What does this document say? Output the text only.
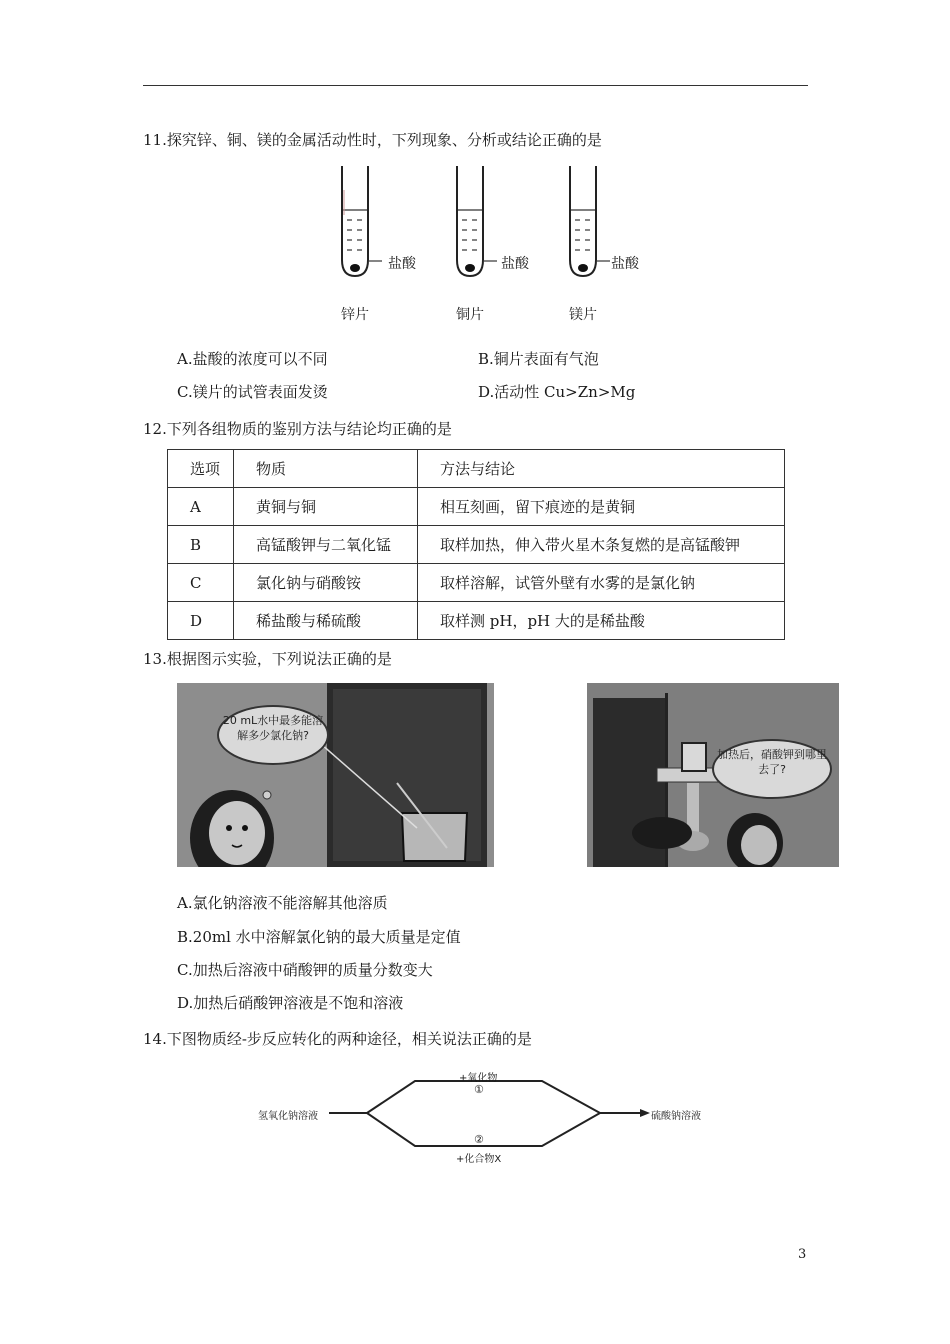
11.探究锌、铜、镁的金属活动性时，下列现象、分析或结论正确的是
盐酸	盐酸	盐酸
锌片	铜片	镁片
A.盐酸的浓度可以不同	B.铜片表面有气泡
C.镁片的试管表面发烫	D.活动性 Cu>Zn>Mg
12.下列各组物质的鉴别方法与结论均正确的是
选项	物质	方法与结论
A	黄铜与铜	相互刻画，留下痕迹的是黄铜
B	高锰酸钾与二氧化锰	取样加热，伸入带火星木条复燃的是高锰酸钾
C	氯化钠与硝酸铵	取样溶解，试管外壁有水雾的是氯化钠
D	稀盐酸与稀硫酸	取样测 pH，pH 大的是稀盐酸
13.根据图示实验，下列说法正确的是
20 mL水中最多能溶解多少氯化钠?
加热后，硝酸钾到哪里去了?
A.氯化钠溶液不能溶解其他溶质
B.20ml 水中溶解氯化钠的最大质量是定值
C.加热后溶液中硝酸钾的质量分数变大
D.加热后硝酸钾溶液是不饱和溶液
14.下图物质经-步反应转化的两种途径，相关说法正确的是
氢氧化钠溶液	硫酸钠溶液
+氧化物
①
②
+化合物X
3
